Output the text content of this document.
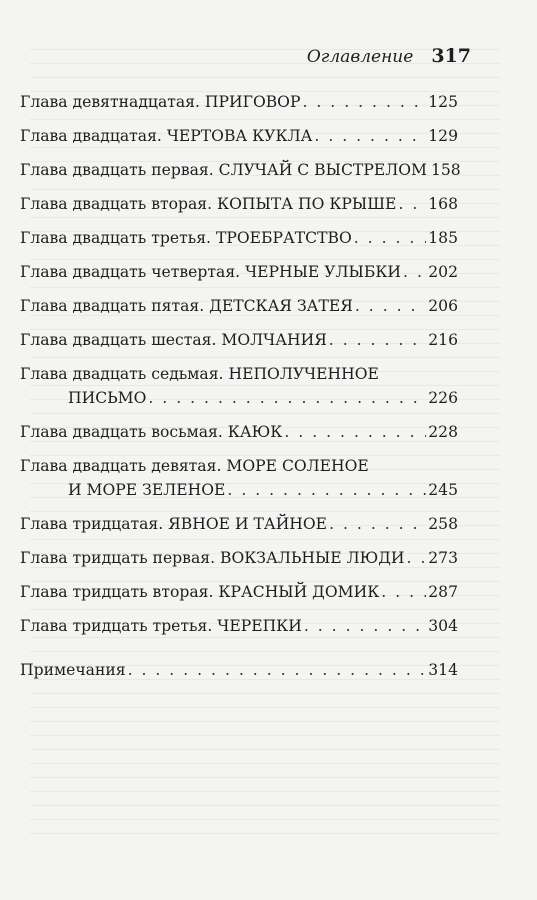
Оглавление 317
Глава девятнадцатая. ПРИГОВОР . . .	125
Глава двадцатая. ЧЕРТОВА КУКЛА . . .	129
Глава двадцать первая. СЛУЧАЙ С ВЫСТРЕЛОМ 158
Глава двадцать вторая. КОПЫТА ПО КРЫШЕ . . . 168
Глава двадцать третья. ТРОЕБРАТСТВО . . .	185
Глава двадцать четвертая. ЧЕРНЫЕ УЛЫБКИ . . . 202
Глава двадцать пятая. ДЕТСКАЯ ЗАТЕЯ . . .	206
Глава двадцать шестая. МОЛЧАНИЯ . . .	216
Глава двадцать седьмая. НЕПОЛУЧЕННОЕ
ПИСЬМО . . .	226
Глава двадцать восьмая. КАЮК . . .	228
Глава двадцать девятая. МОРЕ СОЛЕНОЕ
И МОРЕ ЗЕЛЕНОЕ . . .	245
Глава тридцатая. ЯВНОЕ И ТАЙНОЕ . . .	258
Глава тридцать первая. ВОКЗАЛЬНЫЕ ЛЮДИ . . . 273
Глава тридцать вторая. КРАСНЫЙ ДОМИК . . .	287
Глава тридцать третья. ЧЕРЕПКИ . . .	304
Примечания . . .	314
